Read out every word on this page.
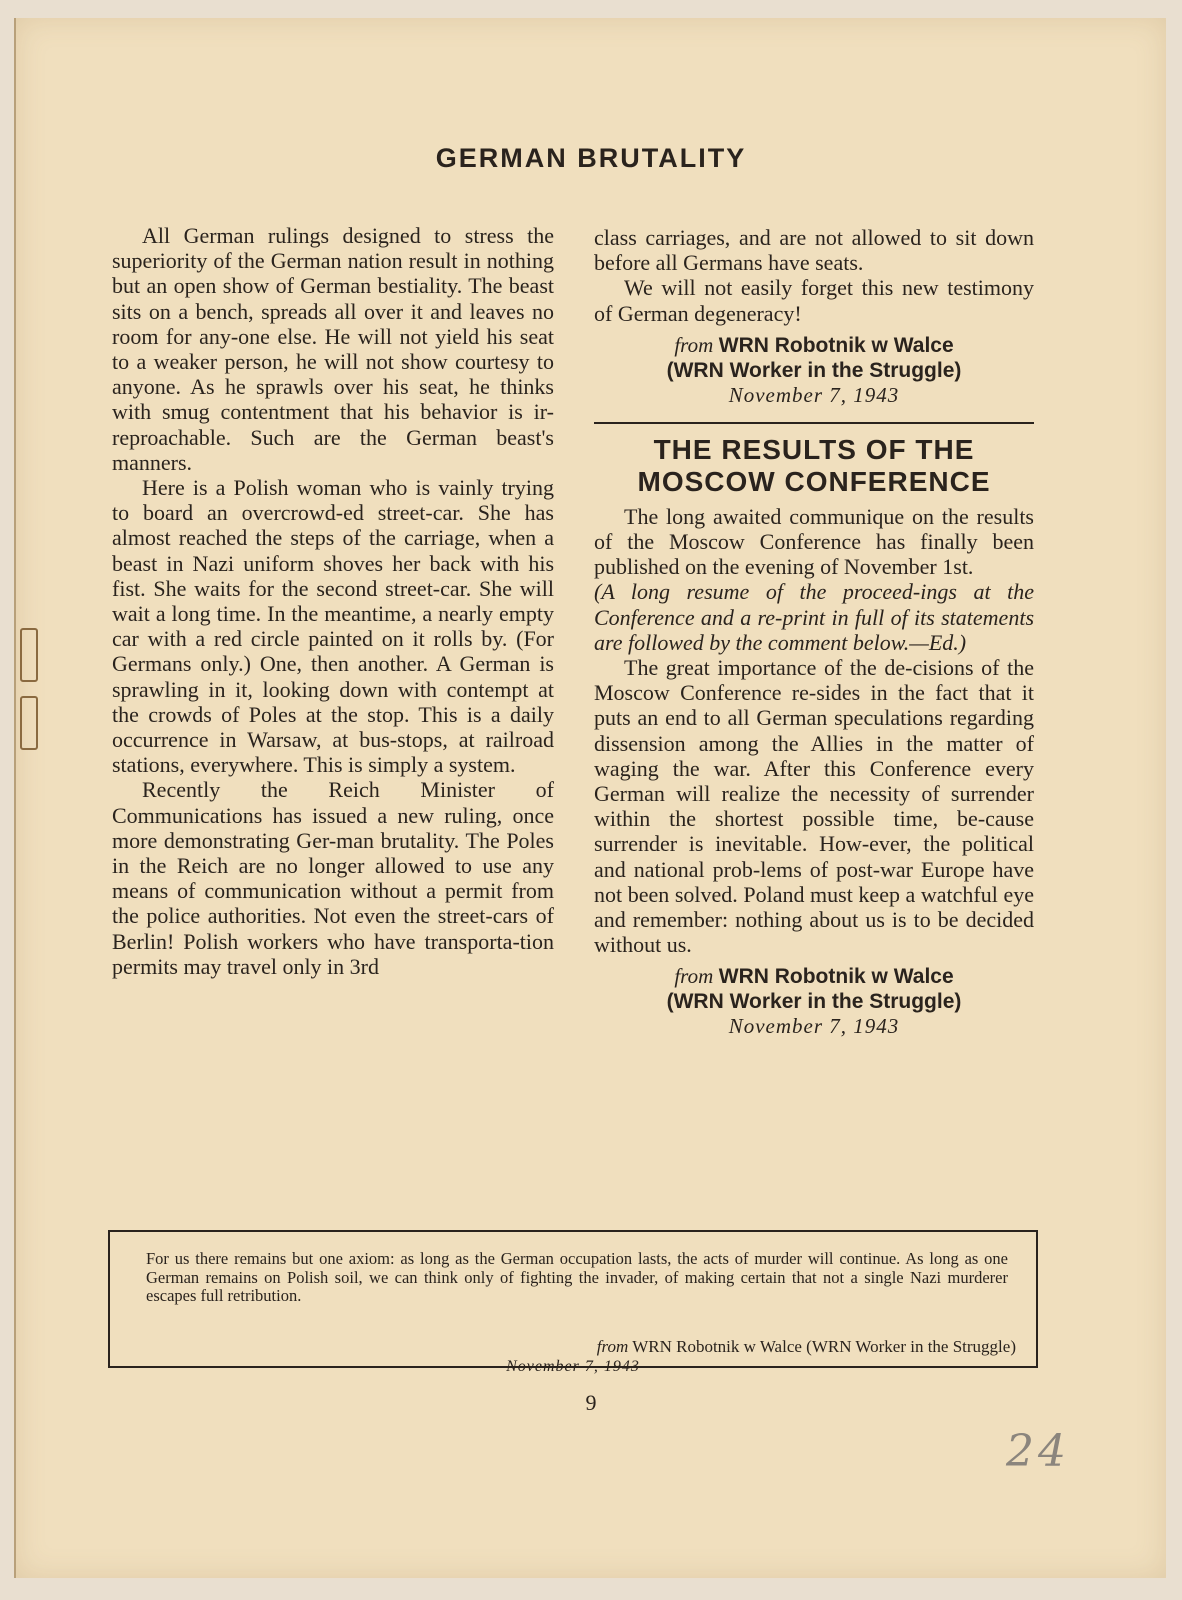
GERMAN BRUTALITY

All German rulings designed to stress the superiority of the German nation result in nothing but an open show of German bestiality. The beast sits on a bench, spreads all over it and leaves no room for any-one else. He will not yield his seat to a weaker person, he will not show courtesy to anyone. As he sprawls over his seat, he thinks with smug contentment that his behavior is ir-reproachable. Such are the German beast's manners.

Here is a Polish woman who is vainly trying to board an overcrowd-ed street-car. She has almost reached the steps of the carriage, when a beast in Nazi uniform shoves her back with his fist. She waits for the second street-car. She will wait a long time. In the meantime, a nearly empty car with a red circle painted on it rolls by. (For Germans only.) One, then another. A German is sprawling in it, looking down with contempt at the crowds of Poles at the stop. This is a daily occurrence in Warsaw, at bus-stops, at railroad stations, everywhere. This is simply a system.

Recently the Reich Minister of Communications has issued a new ruling, once more demonstrating Ger-man brutality. The Poles in the Reich are no longer allowed to use any means of communication without a permit from the police authorities. Not even the street-cars of Berlin! Polish workers who have transporta-tion permits may travel only in 3rd

class carriages, and are not allowed to sit down before all Germans have seats.

We will not easily forget this new testimony of German degeneracy!

from WRN Robotnik w Walce
(WRN Worker in the Struggle)
November 7, 1943
THE RESULTS OF THE
MOSCOW CONFERENCE

The long awaited communique on the results of the Moscow Conference has finally been published on the evening of November 1st.

(A long resume of the proceed-ings at the Conference and a re-print in full of its statements are followed by the comment below.—Ed.)

The great importance of the de-cisions of the Moscow Conference re-sides in the fact that it puts an end to all German speculations regarding dissension among the Allies in the matter of waging the war. After this Conference every German will realize the necessity of surrender within the shortest possible time, be-cause surrender is inevitable. How-ever, the political and national prob-lems of post-war Europe have not been solved. Poland must keep a watchful eye and remember: nothing about us is to be decided without us.

from WRN Robotnik w Walce
(WRN Worker in the Struggle)
November 7, 1943
For us there remains but one axiom: as long as the German occupation lasts, the acts of murder will continue. As long as one German remains on Polish soil, we can think only of fighting the invader, of making certain that not a single Nazi murderer escapes full retribution.
from WRN Robotnik w Walce (WRN Worker in the Struggle)
November 7, 1943
9
24
